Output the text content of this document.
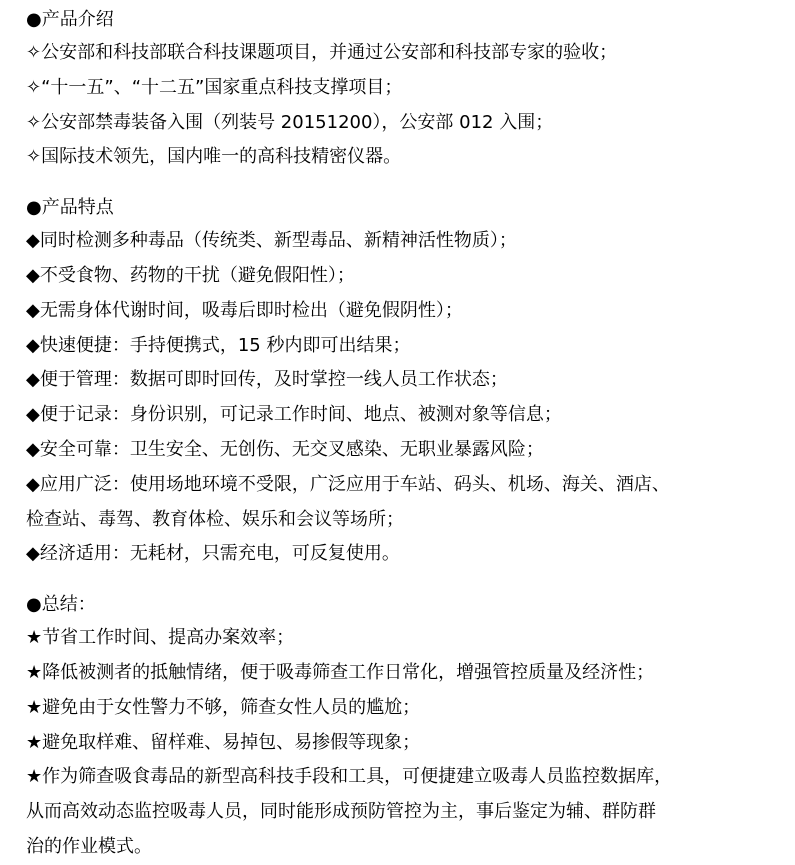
●产品介绍
✧公安部和科技部联合科技课题项目，并通过公安部和科技部专家的验收；
✧“十一五”、“十二五”国家重点科技支撑项目；
✧公安部禁毒装备入围（列装号 20151200），公安部 012 入围；
✧国际技术领先，国内唯一的高科技精密仪器。
●产品特点
◆同时检测多种毒品（传统类、新型毒品、新精神活性物质）；
◆不受食物、药物的干扰（避免假阳性）；
◆无需身体代谢时间，吸毒后即时检出（避免假阴性）；
◆快速便捷：手持便携式，15 秒内即可出结果；
◆便于管理：数据可即时回传，及时掌控一线人员工作状态；
◆便于记录：身份识别，可记录工作时间、地点、被测对象等信息；
◆安全可靠：卫生安全、无创伤、无交叉感染、无职业暴露风险；
◆应用广泛：使用场地环境不受限，广泛应用于车站、码头、机场、海关、酒店、
检查站、毒驾、教育体检、娱乐和会议等场所；
◆经济适用：无耗材，只需充电，可反复使用。
●总结：
★节省工作时间、提高办案效率；
★降低被测者的抵触情绪，便于吸毒筛查工作日常化，增强管控质量及经济性；
★避免由于女性警力不够，筛查女性人员的尴尬；
★避免取样难、留样难、易掉包、易掺假等现象；
★作为筛查吸食毒品的新型高科技手段和工具，可便捷建立吸毒人员监控数据库，
从而高效动态监控吸毒人员，同时能形成预防管控为主，事后鉴定为辅、群防群
治的作业模式。
